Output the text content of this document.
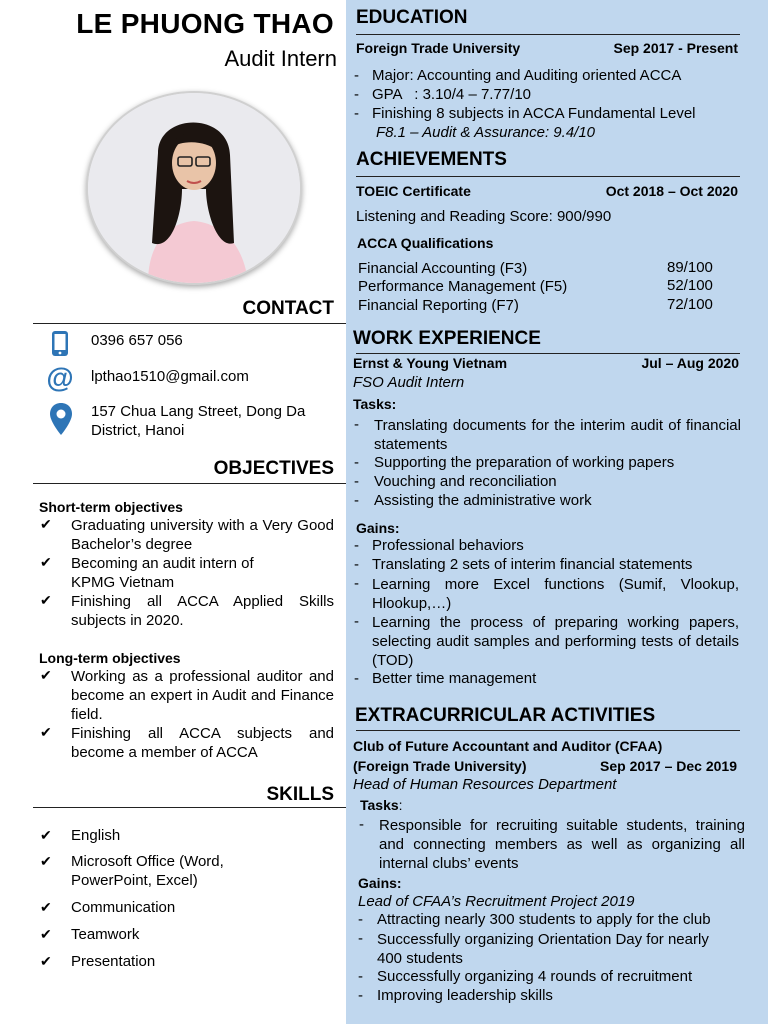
LE PHUONG THAO
Audit Intern
CONTACT
0396 657 056
@ lpthao1510@gmail.com
157 Chua Lang Street, Dong Da
District, Hanoi
OBJECTIVES
Short-term objectives
✔ Graduating university with a Very Good Bachelor’s degree
✔ Becoming an audit intern of KPMG Vietnam
✔ Finishing all ACCA Applied Skills subjects in 2020.
Long-term objectives
✔ Working as a professional auditor and become an expert in Audit and Finance field.
✔ Finishing all ACCA subjects and become a member of ACCA
SKILLS
✔ English
✔ Microsoft Office (Word,
PowerPoint, Excel)
✔ Communication
✔ Teamwork
✔ Presentation
EDUCATION
Foreign Trade University	Sep 2017 - Present
- Major: Accounting and Auditing oriented ACCA
- GPA   : 3.10/4 – 7.77/10
- Finishing 8 subjects in ACCA Fundamental Level
F8.1 – Audit & Assurance: 9.4/10
ACHIEVEMENTS
TOEIC Certificate	Oct 2018 – Oct 2020
Listening and Reading Score: 900/990
ACCA Qualifications
Financial Accounting (F3)	89/100
Performance Management (F5)	52/100
Financial Reporting (F7)	72/100
WORK EXPERIENCE
Ernst & Young Vietnam	Jul – Aug 2020
FSO Audit Intern
Tasks:
- Translating documents for the interim audit of financial statements
- Supporting the preparation of working papers
- Vouching and reconciliation
- Assisting the administrative work
Gains:
- Professional behaviors
- Translating 2 sets of interim financial statements
- Learning more Excel functions (Sumif, Vlookup, Hlookup,…)
- Learning the process of preparing working papers, selecting audit samples and performing tests of details (TOD)
- Better time management
EXTRACURRICULAR ACTIVITIES
Club of Future Accountant and Auditor (CFAA)
(Foreign Trade University)	Sep 2017 – Dec 2019
Head of Human Resources Department
Tasks:
- Responsible for recruiting suitable students, training and connecting members as well as organizing all internal clubs’ events
Gains:
Lead of CFAA’s Recruitment Project 2019
- Attracting nearly 300 students to apply for the club
- Successfully organizing Orientation Day for nearly 400 students
- Successfully organizing 4 rounds of recruitment
- Improving leadership skills
